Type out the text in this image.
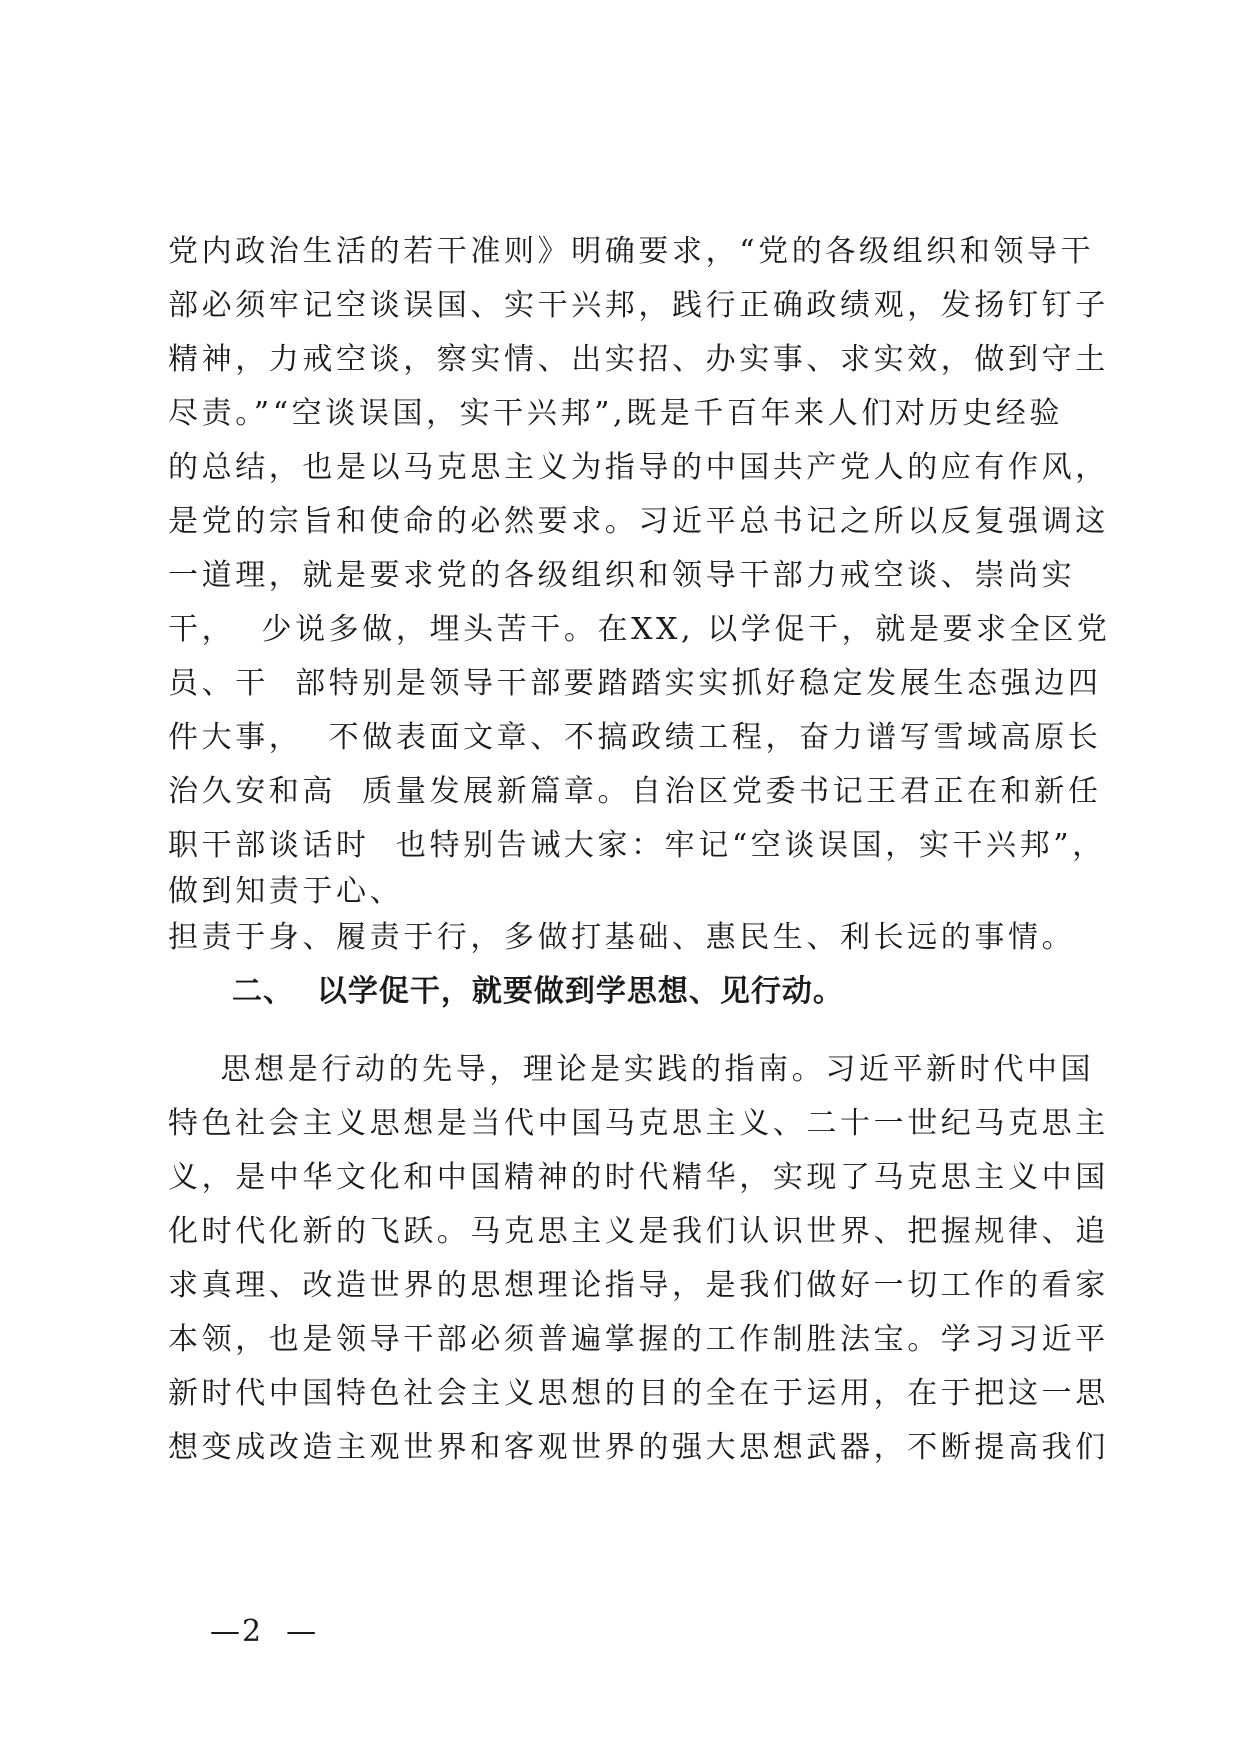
党内政治生活的若干准则》明确要求，“党的各级组织和领导干
部必须牢记空谈误国、实干兴邦，践行正确政绩观，发扬钉钉子
精神，力戒空谈，察实情、出实招、办实事、求实效，做到守土
尽责。”“空谈误国，实干兴邦”,既是千百年来人们对历史经验
的总结，也是以马克思主义为指导的中国共产党人的应有作风，
是党的宗旨和使命的必然要求。习近平总书记之所以反复强调这
一道理，就是要求党的各级组织和领导干部力戒空谈、崇尚实
干，  少说多做，埋头苦干。在XX, 以学促干，就是要求全区党
员、干  部特别是领导干部要踏踏实实抓好稳定发展生态强边四
件大事，  不做表面文章、不搞政绩工程，奋力谱写雪域高原长
治久安和高  质量发展新篇章。自治区党委书记王君正在和新任
职干部谈话时  也特别告诫大家：牢记“空谈误国，实干兴邦”，
做到知责于心、
担责于身、履责于行，多做打基础、惠民生、利长远的事情。
二、  以学促干，就要做到学思想、见行动。
思想是行动的先导，理论是实践的指南。习近平新时代中国
特色社会主义思想是当代中国马克思主义、二十一世纪马克思主
义，是中华文化和中国精神的时代精华，实现了马克思主义中国
化时代化新的飞跃。马克思主义是我们认识世界、把握规律、追
求真理、改造世界的思想理论指导，是我们做好一切工作的看家
本领，也是领导干部必须普遍掌握的工作制胜法宝。学习习近平
新时代中国特色社会主义思想的目的全在于运用，在于把这一思
想变成改造主观世界和客观世界的强大思想武器，不断提高我们
—2  —
